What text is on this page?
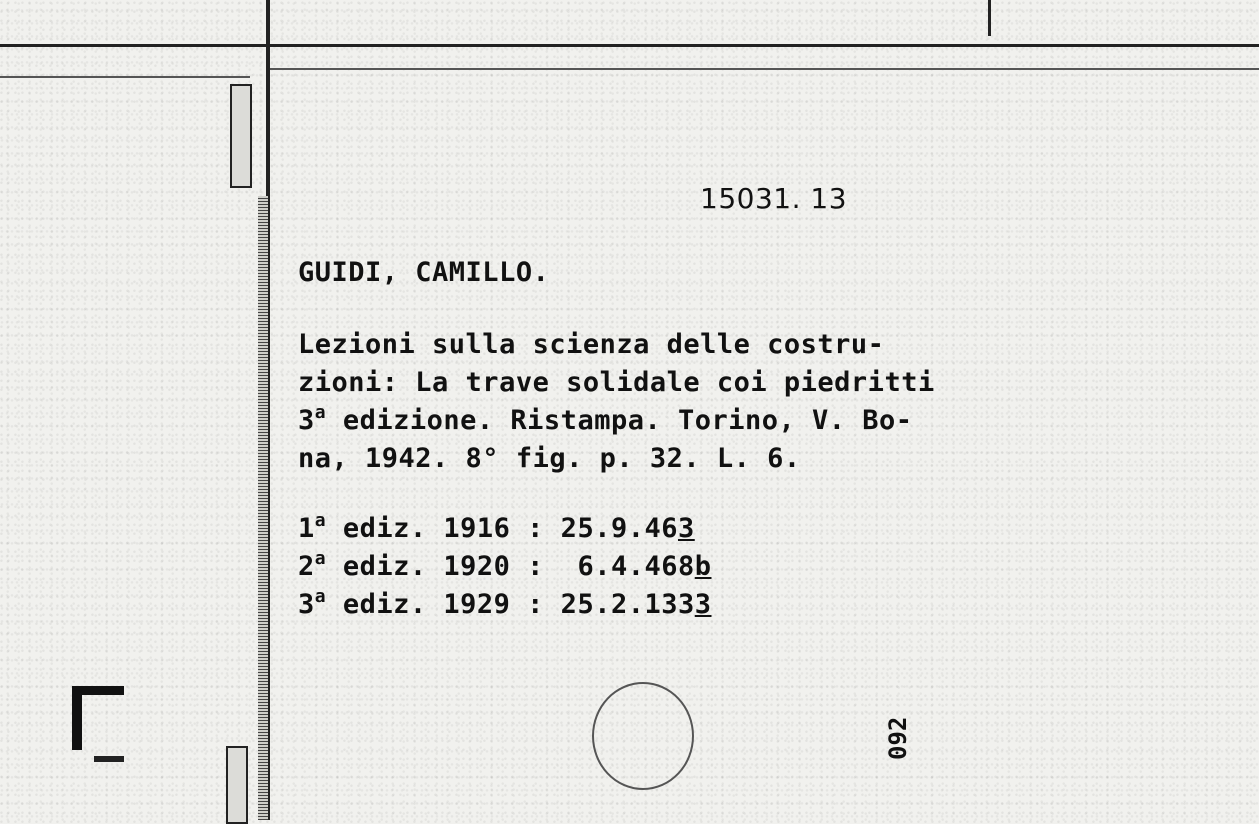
15031. 13
GUIDI, CAMILLO.
Lezioni sulla scienza delle costru-
zioni: La trave solidale coi piedritti
3$^a$ edizione. Ristampa. Torino, V. Bo-
na, 1942. 8° fig. p. 32. L. 6.
1$^a$ ediz. 1916 : 25.9.463
2$^a$ ediz. 1920 :  6.4.468b
3$^a$ ediz. 1929 : 25.2.1333
092
